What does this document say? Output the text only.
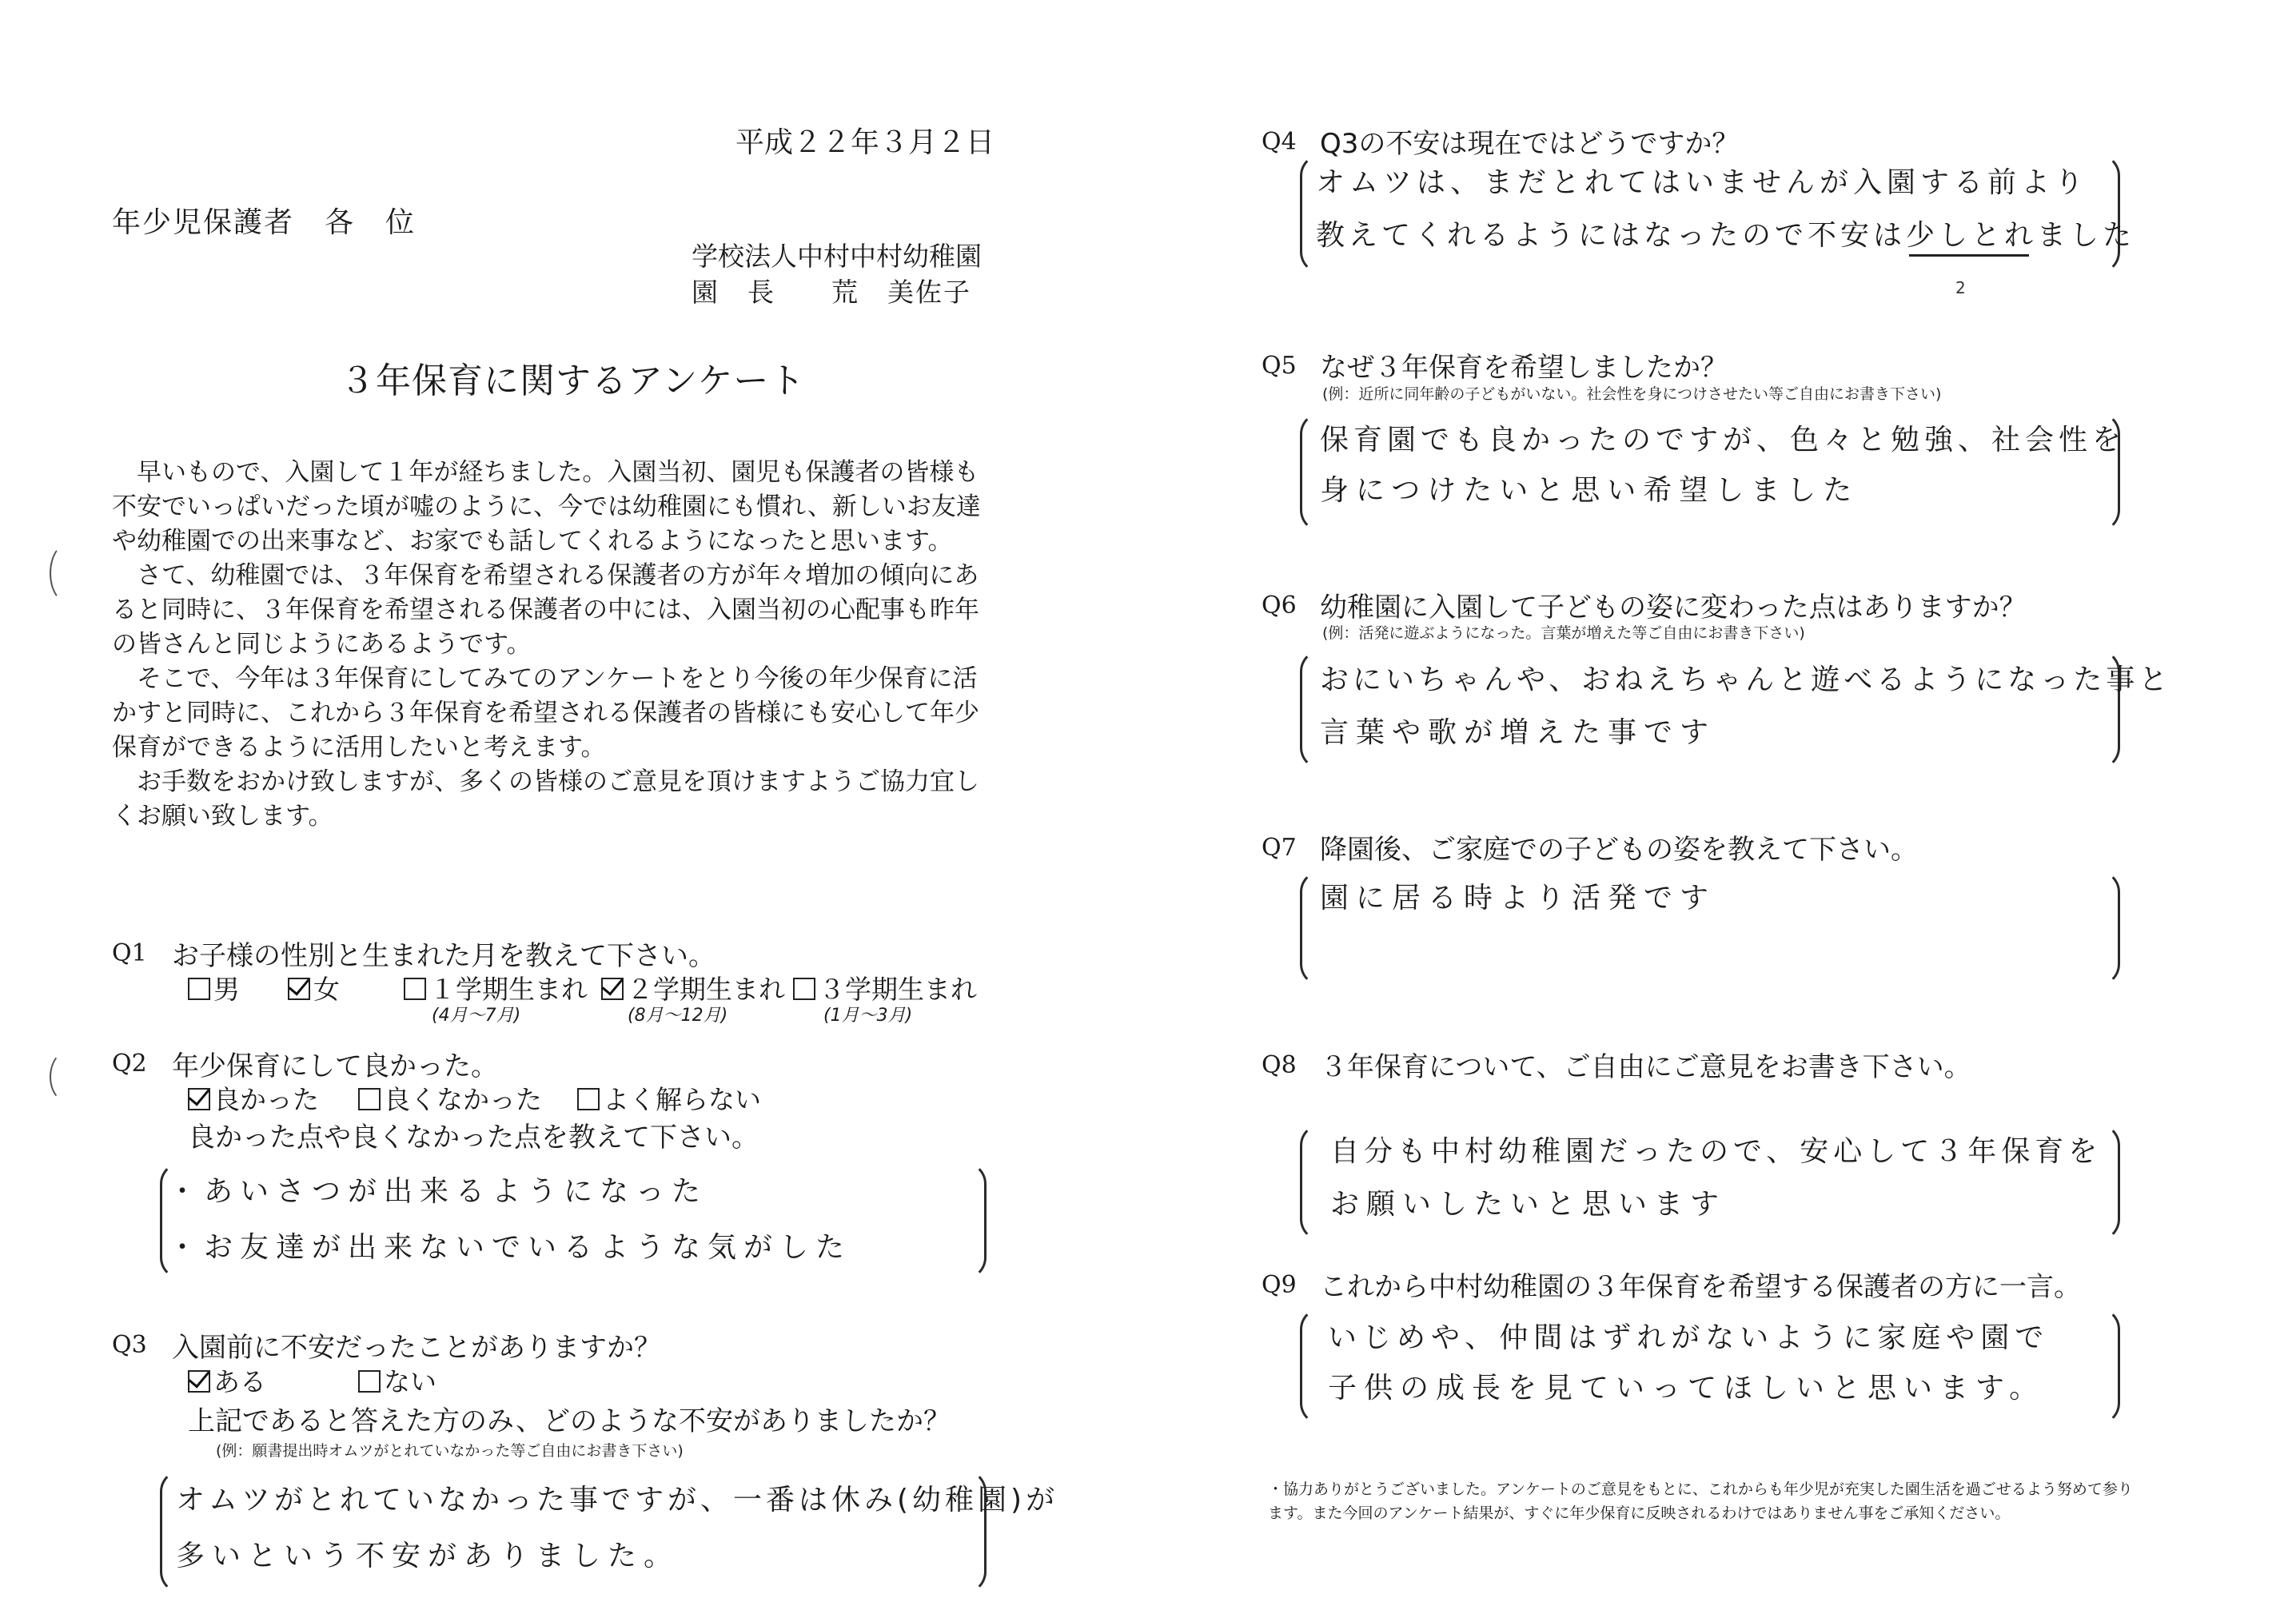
平成２２年３月２日
年少児保護者　各　位
学校法人中村中村幼稚園
園　長　　荒　美佐子
３年保育に関するアンケート

早いもので、入園して１年が経ちました。入園当初、園児も保護者の皆様も不安でいっぱいだった頃が嘘のように、今では幼稚園にも慣れ、新しいお友達や幼稚園での出来事など、お家でも話してくれるようになったと思います。

さて、幼稚園では、３年保育を希望される保護者の方が年々増加の傾向にあると同時に、３年保育を希望される保護者の中には、入園当初の心配事も昨年の皆さんと同じようにあるようです。

そこで、今年は３年保育にしてみてのアンケートをとり今後の年少保育に活かすと同時に、これから３年保育を希望される保護者の皆様にも安心して年少保育ができるように活用したいと考えます。

お手数をおかけ致しますが、多くの皆様のご意見を頂けますようご協力宜しくお願い致します。

Q1 お子様の性別と生まれた月を教えて下さい。
男	女	１学期生まれ
(4月～7月)
２学期生まれ
(8月～12月)
３学期生まれ
(1月～3月)
Q2 年少保育にして良かった。
良かった	良くなかった	よく解らない
良かった点や良くなかった点を教えて下さい。
・あいさつが出来るようになった
・お友達が出来ないでいるような気がした
Q3 入園前に不安だったことがありますか？
ある	ない
上記であると答えた方のみ、どのような不安がありましたか？
(例：願書提出時オムツがとれていなかった等ご自由にお書き下さい)
オムツがとれていなかった事ですが、一番は休み(幼稚園)が
多いという不安がありました。
Q4 Q3の不安は現在ではどうですか？
オムツは、まだとれてはいませんが入園する前より
教えてくれるようにはなったので不安は少しとれました
2
Q5 なぜ３年保育を希望しましたか？
(例：近所に同年齢の子どもがいない。社会性を身につけさせたい等ご自由にお書き下さい)
保育園でも良かったのですが、色々と勉強、社会性を
身につけたいと思い希望しました
Q6 幼稚園に入園して子どもの姿に変わった点はありますか？
(例：活発に遊ぶようになった。言葉が増えた等ご自由にお書き下さい)
おにいちゃんや、おねえちゃんと遊べるようになった事と
言葉や歌が増えた事です
Q7 降園後、ご家庭での子どもの姿を教えて下さい。
園に居る時より活発です
Q8 ３年保育について、ご自由にご意見をお書き下さい。
自分も中村幼稚園だったので、安心して３年保育を
お願いしたいと思います
Q9 これから中村幼稚園の３年保育を希望する保護者の方に一言。
いじめや、仲間はずれがないように家庭や園で
子供の成長を見ていってほしいと思います。
・協力ありがとうございました。アンケートのご意見をもとに、これからも年少児が充実した園生活を過ごせるよう努めて参ります。また今回のアンケート結果が、すぐに年少保育に反映されるわけではありません事をご承知ください。
